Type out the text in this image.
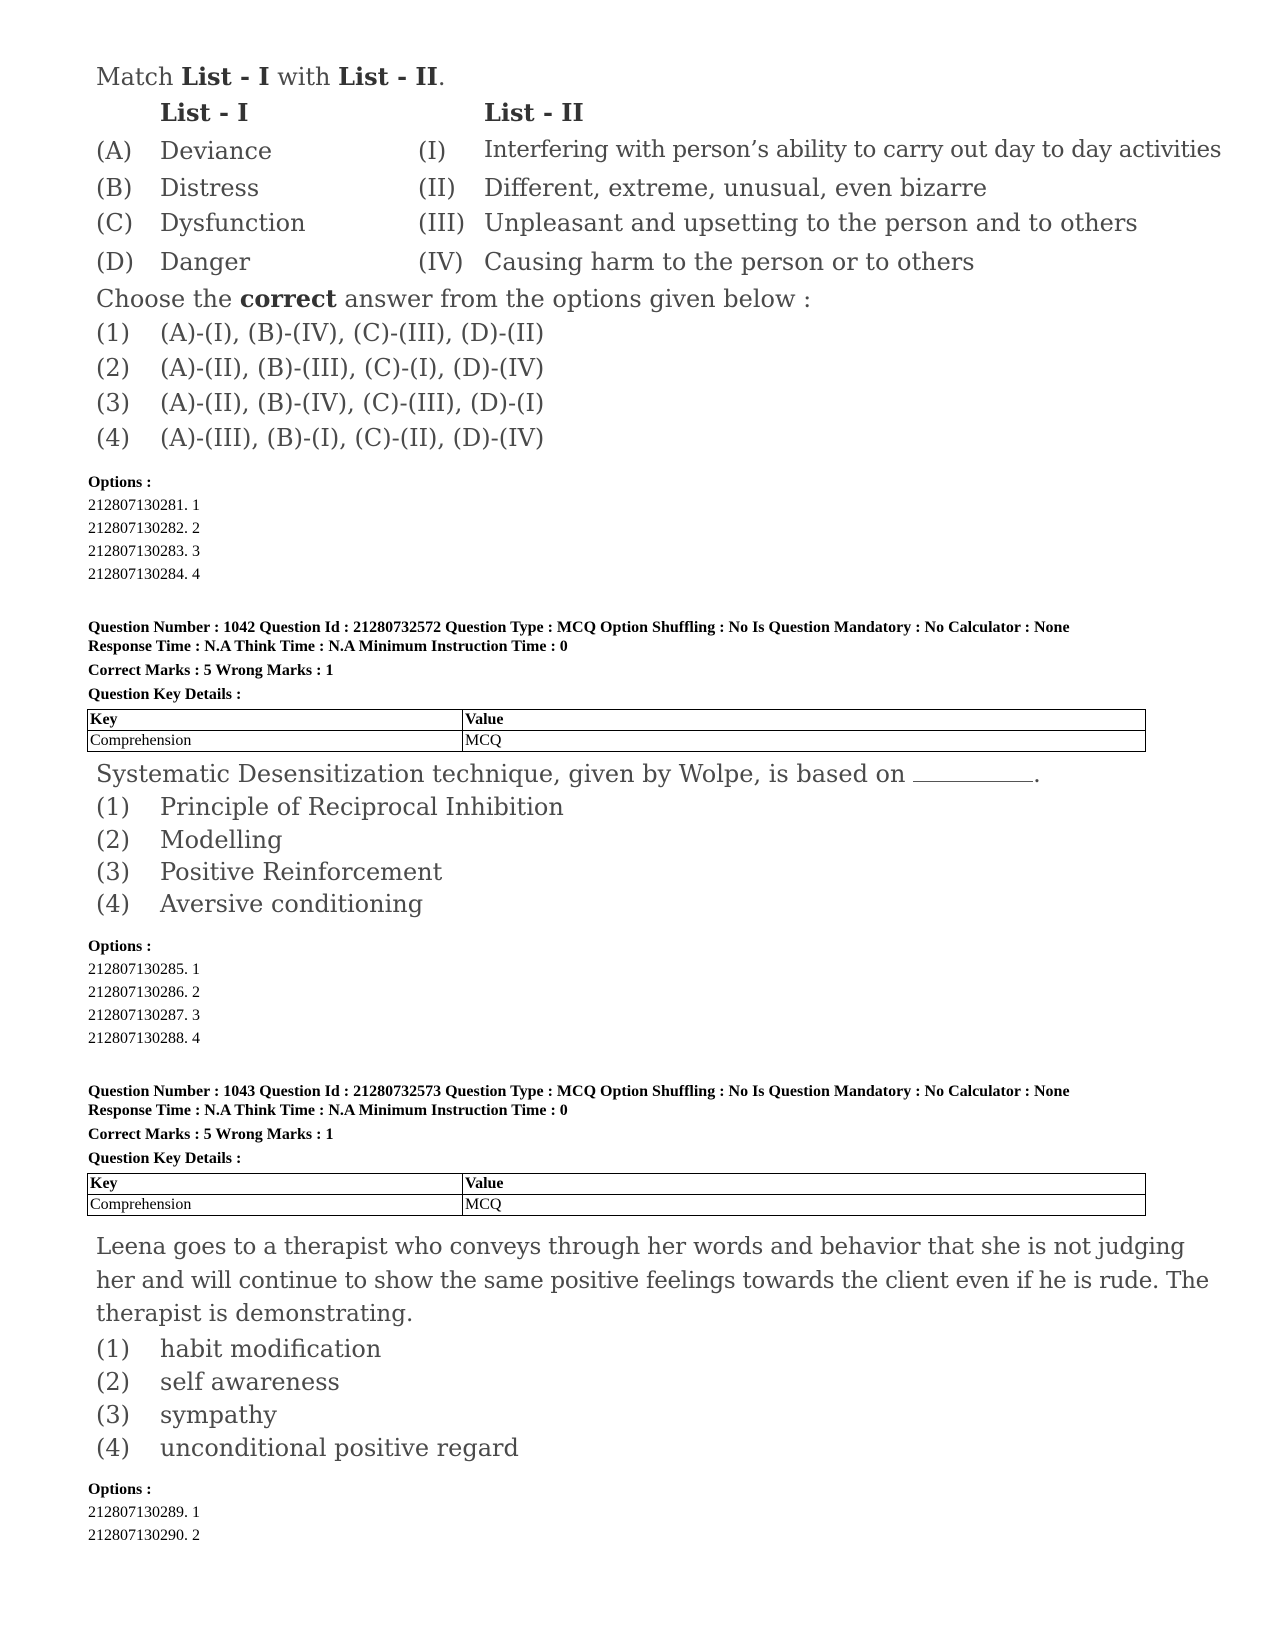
Match List - I with List - II.
List - I	List - II
(A) Deviance	(I) Interfering with person’s ability to carry out day to day activities
(B) Distress	(II) Different, extreme, unusual, even bizarre
(C) Dysfunction	(III) Unpleasant and upsetting to the person and to others
(D) Danger	(IV) Causing harm to the person or to others
Choose the correct answer from the options given below :
(1) (A)-(I), (B)-(IV), (C)-(III), (D)-(II)
(2) (A)-(II), (B)-(III), (C)-(I), (D)-(IV)
(3) (A)-(II), (B)-(IV), (C)-(III), (D)-(I)
(4) (A)-(III), (B)-(I), (C)-(II), (D)-(IV)
Options :
212807130281. 1
212807130282. 2
212807130283. 3
212807130284. 4
Question Number : 1042 Question Id : 21280732572 Question Type : MCQ Option Shuffling : No Is Question Mandatory : No Calculator : None
Response Time : N.A Think Time : N.A Minimum Instruction Time : 0
Correct Marks : 5 Wrong Marks : 1
Question Key Details :
Key	Value
Comprehension	MCQ
Systematic Desensitization technique, given by Wolpe, is based on	.
(1) Principle of Reciprocal Inhibition
(2) Modelling
(3) Positive Reinforcement
(4) Aversive conditioning
Options :
212807130285. 1
212807130286. 2
212807130287. 3
212807130288. 4
Question Number : 1043 Question Id : 21280732573 Question Type : MCQ Option Shuffling : No Is Question Mandatory : No Calculator : None
Response Time : N.A Think Time : N.A Minimum Instruction Time : 0
Correct Marks : 5 Wrong Marks : 1
Question Key Details :
Key	Value
Comprehension	MCQ
Leena goes to a therapist who conveys through her words and behavior that she is not judging
her and will continue to show the same positive feelings towards the client even if he is rude. The
therapist is demonstrating.
(1) habit modification
(2) self awareness
(3) sympathy
(4) unconditional positive regard
Options :
212807130289. 1
212807130290. 2
